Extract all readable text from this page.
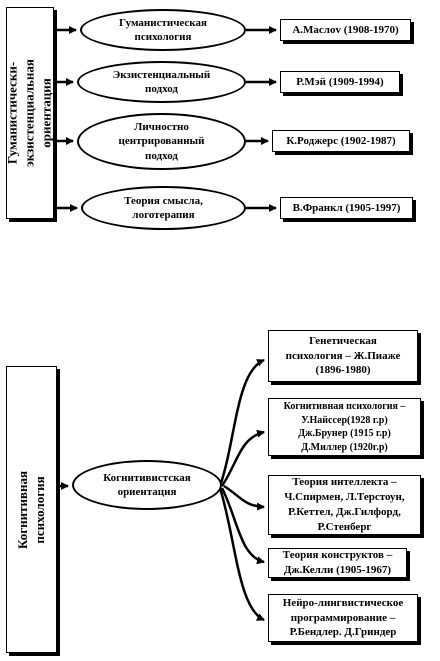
Гуманистически-
экзистенциальная ориентация
Гуманистическая
психология
Экзистенциальный
подход
Личностно
центрированный
подход
Теория смысла,
логотерапия
А.Маслоv (1908-1970)
Р.Мэй (1909-1994)
К.Роджерс (1902-1987)
В.Франкл (1905-1997)
Когнитивная психология	Когнитивистская
ориентация
Генетическая
психология – Ж.Пиаже
(1896-1980)
Когнитивная психология –
У.Найссер(1928 г.р)
Дж.Брунер (1915 г.р)
Д.Миллер (1920г.р)
Теория интеллекта –
Ч.Спирмен, Л.Терстоун,
Р.Кеттел, Дж.Гилфорд,
Р.Стенберг
Теория конструктов –
Дж.Келли (1905-1967)
Нейро-лингвистическое
программирование –
Р.Бендлер. Д.Гриндер
